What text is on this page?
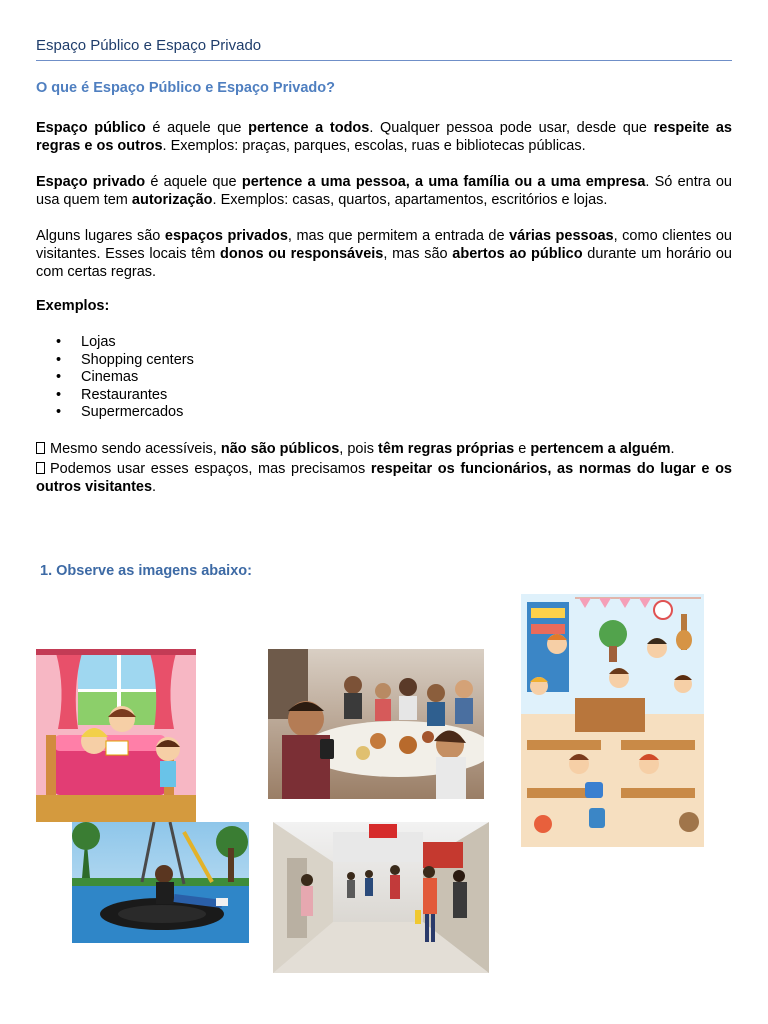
Espaço Público e Espaço Privado
O que é Espaço Público e Espaço Privado?
Espaço público é aquele que pertence a todos. Qualquer pessoa pode usar, desde que respeite as regras e os outros. Exemplos: praças, parques, escolas, ruas e bibliotecas públicas.
Espaço privado é aquele que pertence a uma pessoa, a uma família ou a uma empresa. Só entra ou usa quem tem autorização. Exemplos: casas, quartos, apartamentos, escritórios e lojas.
Alguns lugares são espaços privados, mas que permitem a entrada de várias pessoas, como clientes ou visitantes. Esses locais têm donos ou responsáveis, mas são abertos ao público durante um horário ou com certas regras.
Exemplos:
• Lojas
• Shopping centers
• Cinemas
• Restaurantes
• Supermercados
Mesmo sendo acessíveis, não são públicos, pois têm regras próprias e pertencem a alguém.
Podemos usar esses espaços, mas precisamos respeitar os funcionários, as normas do lugar e os outros visitantes.
1. Observe as imagens abaixo:
